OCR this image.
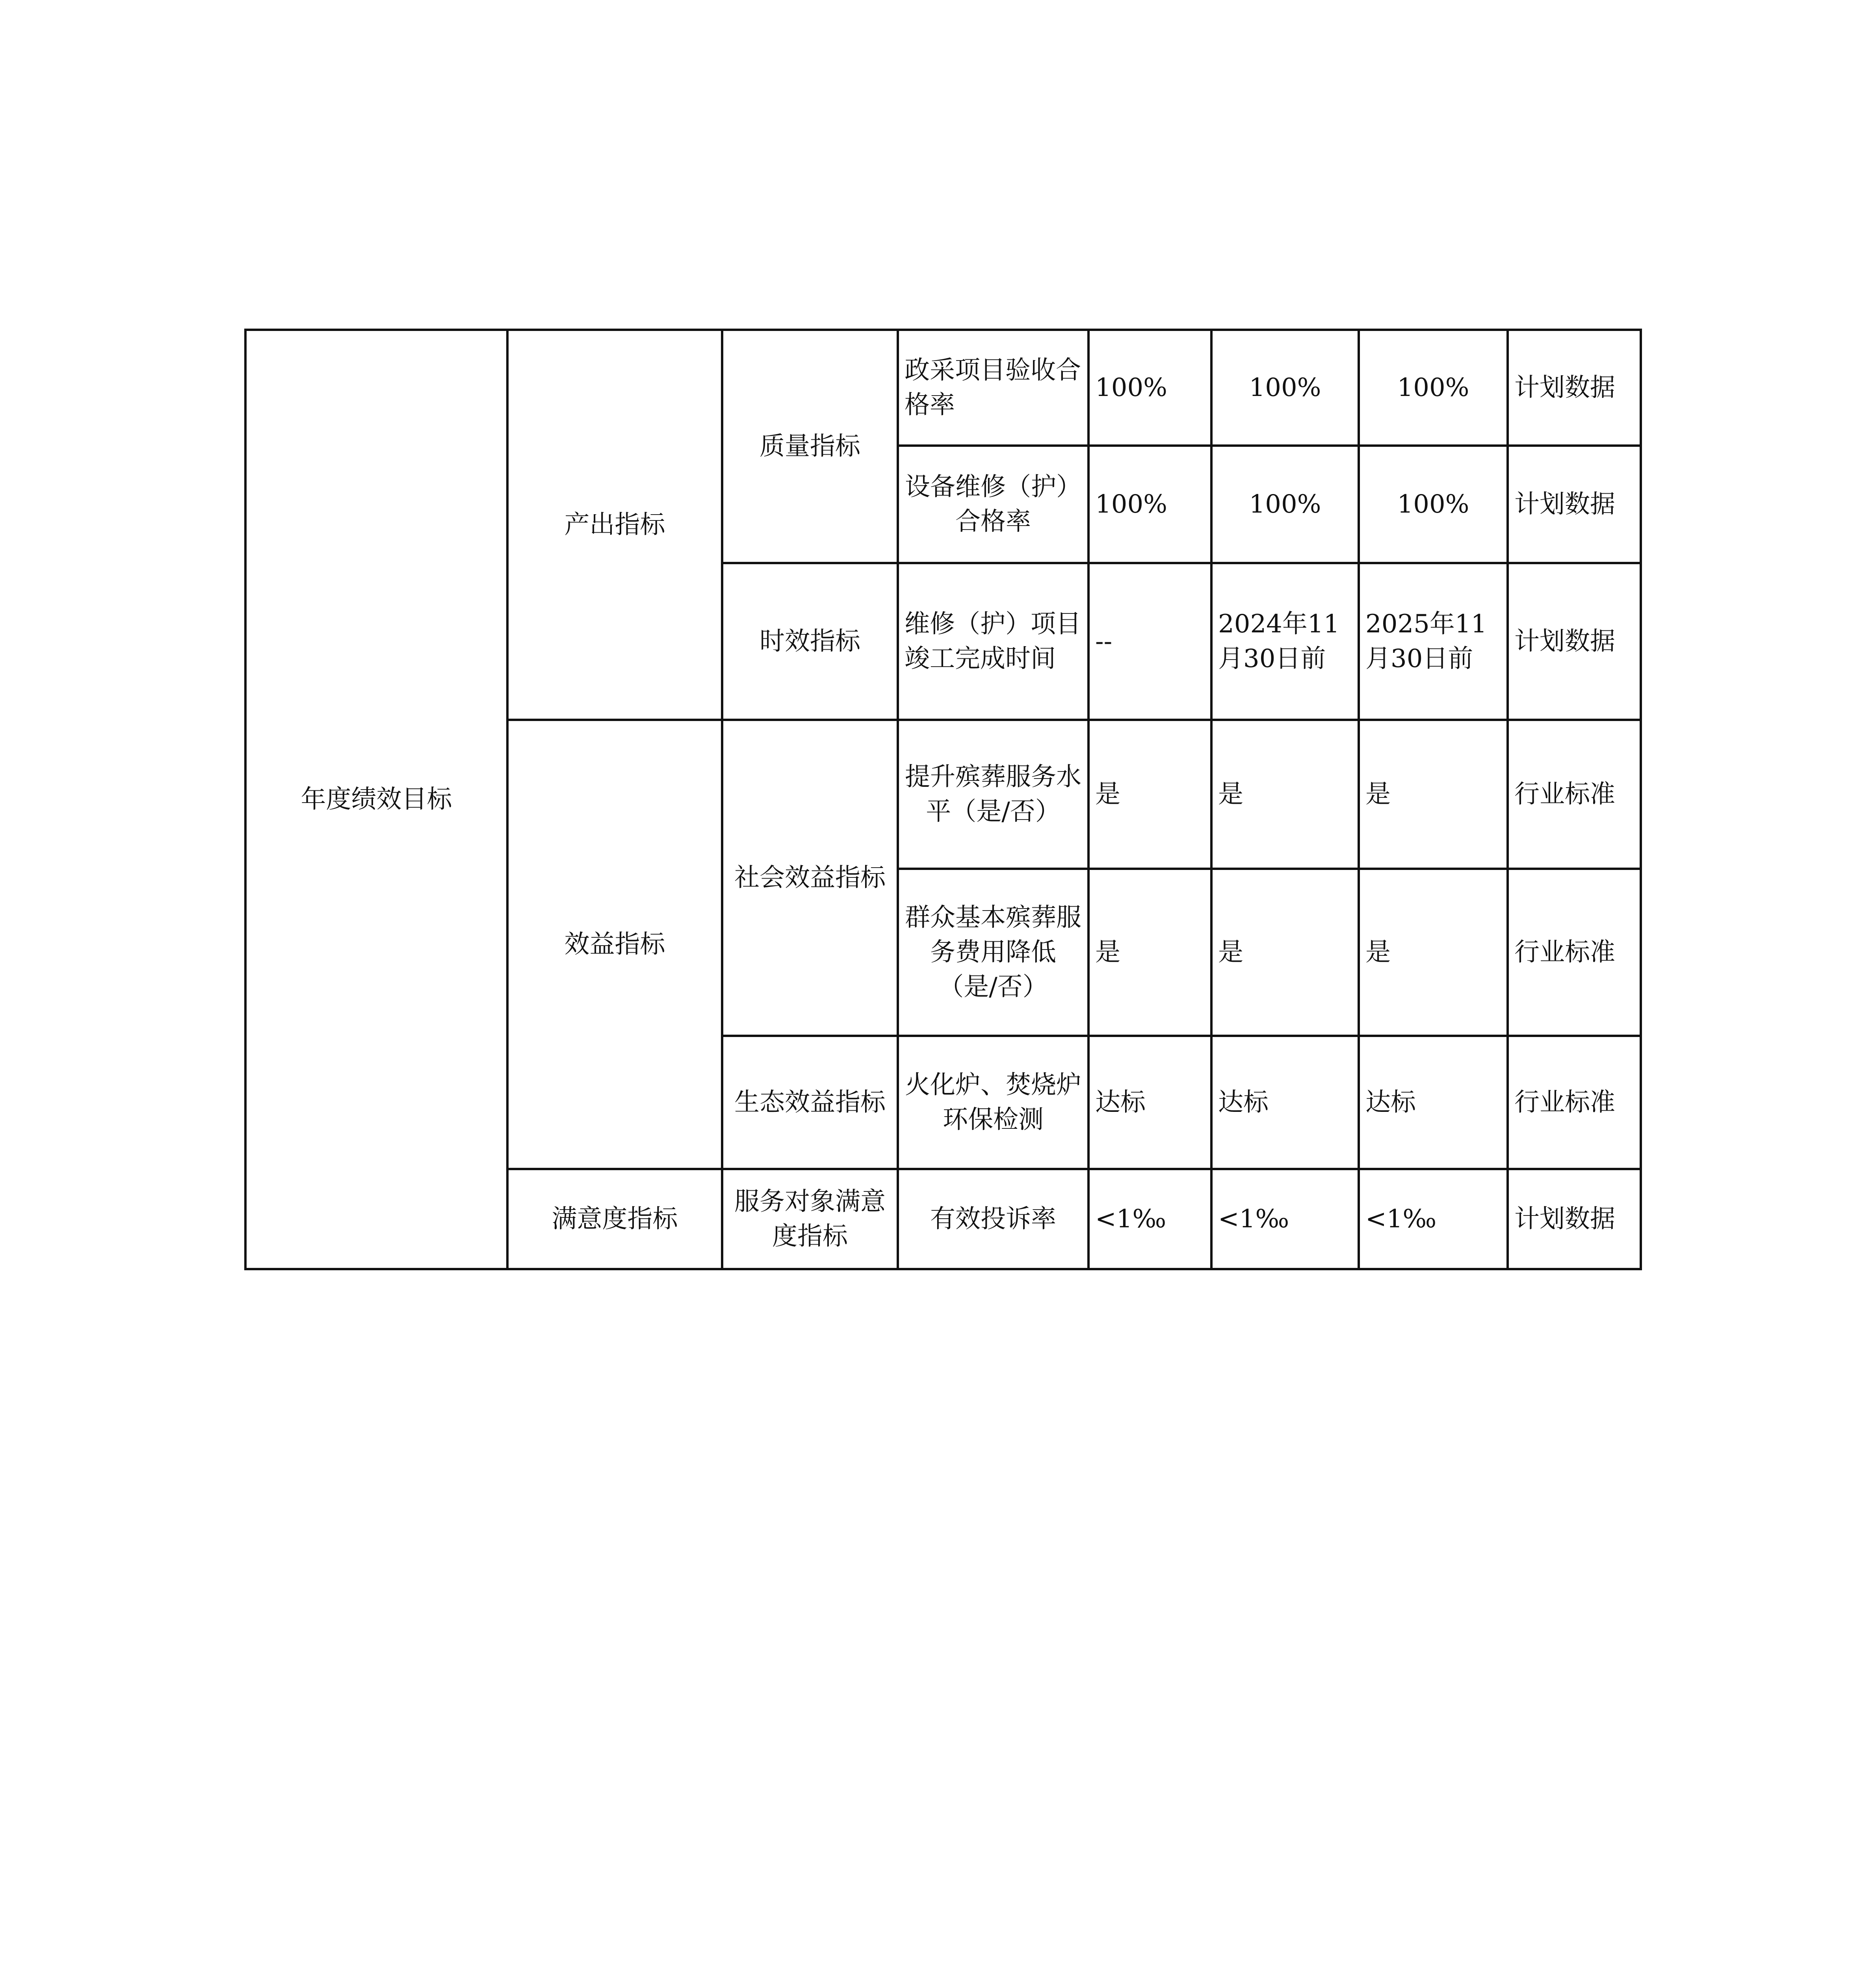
年度绩效目标	产出指标	质量指标	政采项目验收合格率	100%	100%	100%	计划数据
			设备维修（护）合格率	100%	100%	100%	计划数据
		时效指标	维修（护）项目竣工完成时间	--	2024年11月30日前	2025年11月30日前	计划数据
	效益指标	社会效益指标	提升殡葬服务水平（是/否）	是	是	是	行业标准
			群众基本殡葬服务费用降低（是/否）	是	是	是	行业标准
		生态效益指标	火化炉、焚烧炉环保检测	达标	达标	达标	行业标准
	满意度指标	服务对象满意度指标	有效投诉率	<1‰	<1‰	<1‰	计划数据
